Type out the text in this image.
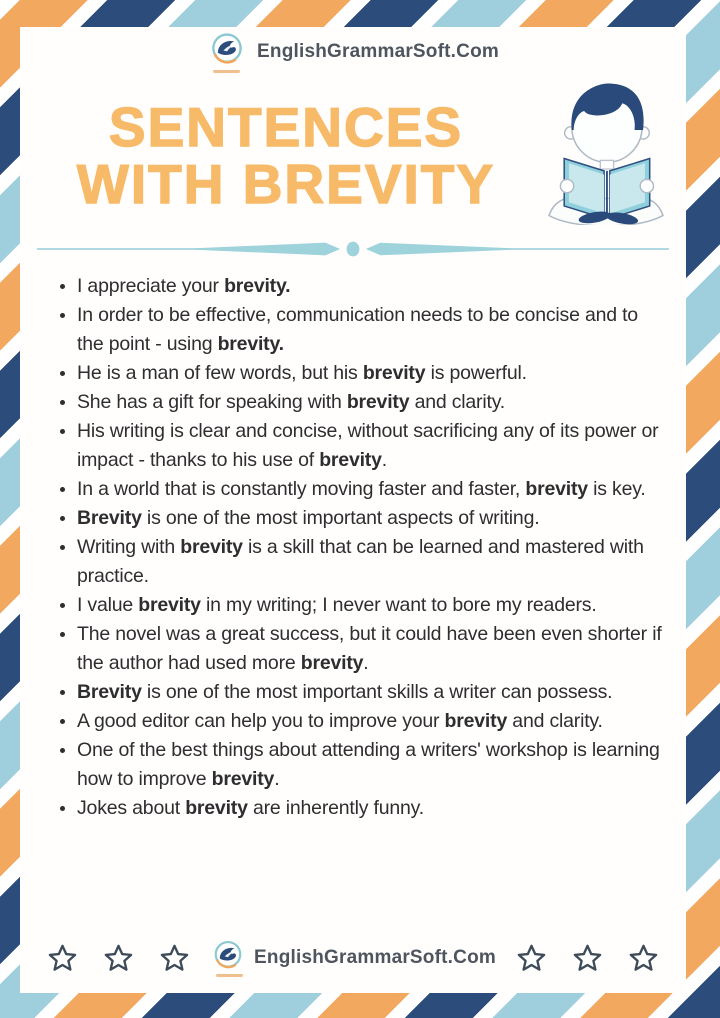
EnglishGrammarSoft.Com
SENTENCES
WITH BREVITY
I appreciate your brevity.
In order to be effective, communication needs to be concise and to the point - using brevity.
He is a man of few words, but his brevity is powerful.
She has a gift for speaking with brevity and clarity.
His writing is clear and concise, without sacrificing any of its power or impact - thanks to his use of brevity.
In a world that is constantly moving faster and faster, brevity is key.
Brevity is one of the most important aspects of writing.
Writing with brevity is a skill that can be learned and mastered with practice.
I value brevity in my writing; I never want to bore my readers.
The novel was a great success, but it could have been even shorter if the author had used more brevity.
Brevity is one of the most important skills a writer can possess.
A good editor can help you to improve your brevity and clarity.
One of the best things about attending a writers' workshop is learning how to improve brevity.
Jokes about brevity are inherently funny.
EnglishGrammarSoft.Com
